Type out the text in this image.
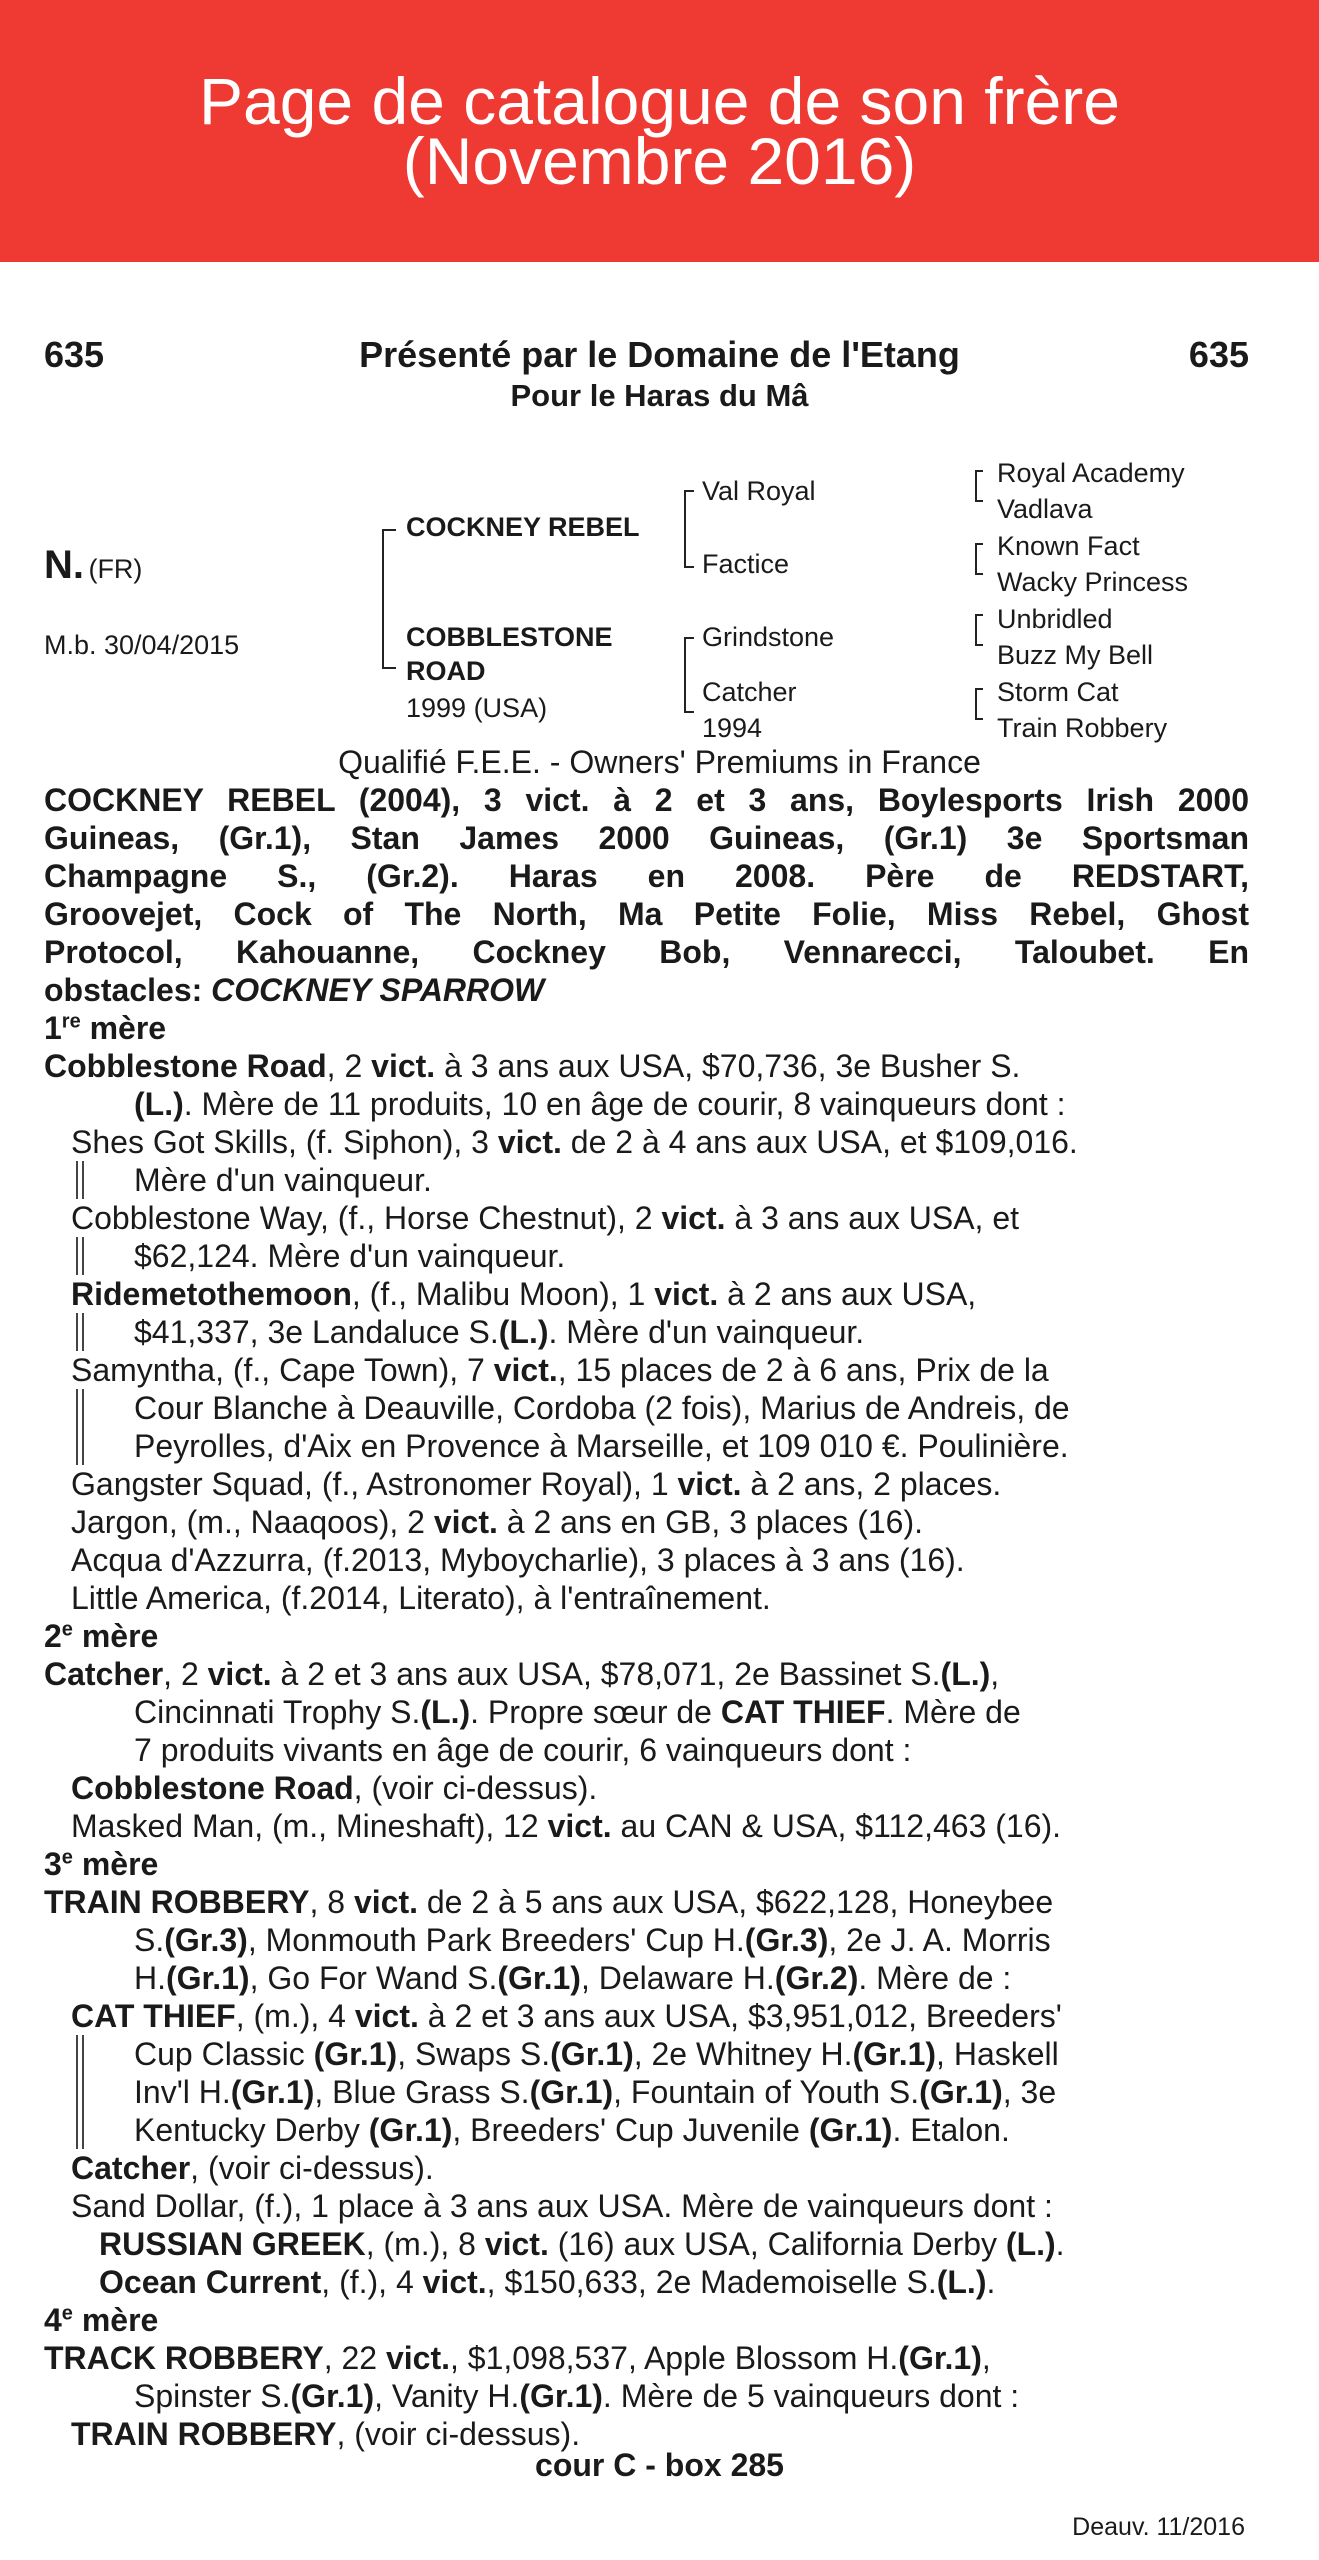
Page de catalogue de son frère
(Novembre 2016)
635	635
Présenté par le Domaine de l'Etang
Pour le Haras du Mâ
N. (FR)
M.b. 30/04/2015
COCKNEY REBEL
COBBLESTONE
ROAD
1999 (USA)
Val Royal
Factice
Grindstone
Catcher
1994
Royal Academy
Vadlava
Known Fact
Wacky Princess
Unbridled
Buzz My Bell
Storm Cat
Train Robbery
Qualifié F.E.E. - Owners' Premiums in France
COCKNEY REBEL (2004), 3 vict. à 2 et 3 ans, Boylesports Irish 2000
Guineas, (Gr.1), Stan James 2000 Guineas, (Gr.1) 3e Sportsman
Champagne S., (Gr.2). Haras en 2008. Père de REDSTART,
Groovejet, Cock of The North, Ma Petite Folie, Miss Rebel, Ghost
Protocol, Kahouanne, Cockney Bob, Vennarecci, Taloubet. En
obstacles: COCKNEY SPARROW
1re mère
Cobblestone Road, 2 vict. à 3 ans aux USA, $70,736, 3e Busher S.
(L.). Mère de 11 produits, 10 en âge de courir, 8 vainqueurs dont :
Shes Got Skills, (f. Siphon), 3 vict. de 2 à 4 ans aux USA, et $109,016.
Mère d'un vainqueur.
Cobblestone Way, (f., Horse Chestnut), 2 vict. à 3 ans aux USA, et
$62,124. Mère d'un vainqueur.
Ridemetothemoon, (f., Malibu Moon), 1 vict. à 2 ans aux USA,
$41,337, 3e Landaluce S.(L.). Mère d'un vainqueur.
Samyntha, (f., Cape Town), 7 vict., 15 places de 2 à 6 ans, Prix de la
Cour Blanche à Deauville, Cordoba (2 fois), Marius de Andreis, de
Peyrolles, d'Aix en Provence à Marseille, et 109 010 €. Poulinière.
Gangster Squad, (f., Astronomer Royal), 1 vict. à 2 ans, 2 places.
Jargon, (m., Naaqoos), 2 vict. à 2 ans en GB, 3 places (16).
Acqua d'Azzurra, (f.2013, Myboycharlie), 3 places à 3 ans (16).
Little America, (f.2014, Literato), à l'entraînement.
2e mère
Catcher, 2 vict. à 2 et 3 ans aux USA, $78,071, 2e Bassinet S.(L.),
Cincinnati Trophy S.(L.). Propre sœur de CAT THIEF. Mère de
7 produits vivants en âge de courir, 6 vainqueurs dont :
Cobblestone Road, (voir ci-dessus).
Masked Man, (m., Mineshaft), 12 vict. au CAN & USA, $112,463 (16).
3e mère
TRAIN ROBBERY, 8 vict. de 2 à 5 ans aux USA, $622,128, Honeybee
S.(Gr.3), Monmouth Park Breeders' Cup H.(Gr.3), 2e J. A. Morris
H.(Gr.1), Go For Wand S.(Gr.1), Delaware H.(Gr.2). Mère de :
CAT THIEF, (m.), 4 vict. à 2 et 3 ans aux USA, $3,951,012, Breeders'
Cup Classic (Gr.1), Swaps S.(Gr.1), 2e Whitney H.(Gr.1), Haskell
Inv'l H.(Gr.1), Blue Grass S.(Gr.1), Fountain of Youth S.(Gr.1), 3e
Kentucky Derby (Gr.1), Breeders' Cup Juvenile (Gr.1). Etalon.
Catcher, (voir ci-dessus).
Sand Dollar, (f.), 1 place à 3 ans aux USA. Mère de vainqueurs dont :
RUSSIAN GREEK, (m.), 8 vict. (16) aux USA, California Derby (L.).
Ocean Current, (f.), 4 vict., $150,633, 2e Mademoiselle S.(L.).
4e mère
TRACK ROBBERY, 22 vict., $1,098,537, Apple Blossom H.(Gr.1),
Spinster S.(Gr.1), Vanity H.(Gr.1). Mère de 5 vainqueurs dont :
TRAIN ROBBERY, (voir ci-dessus).
cour C - box 285
Deauv. 11/2016
